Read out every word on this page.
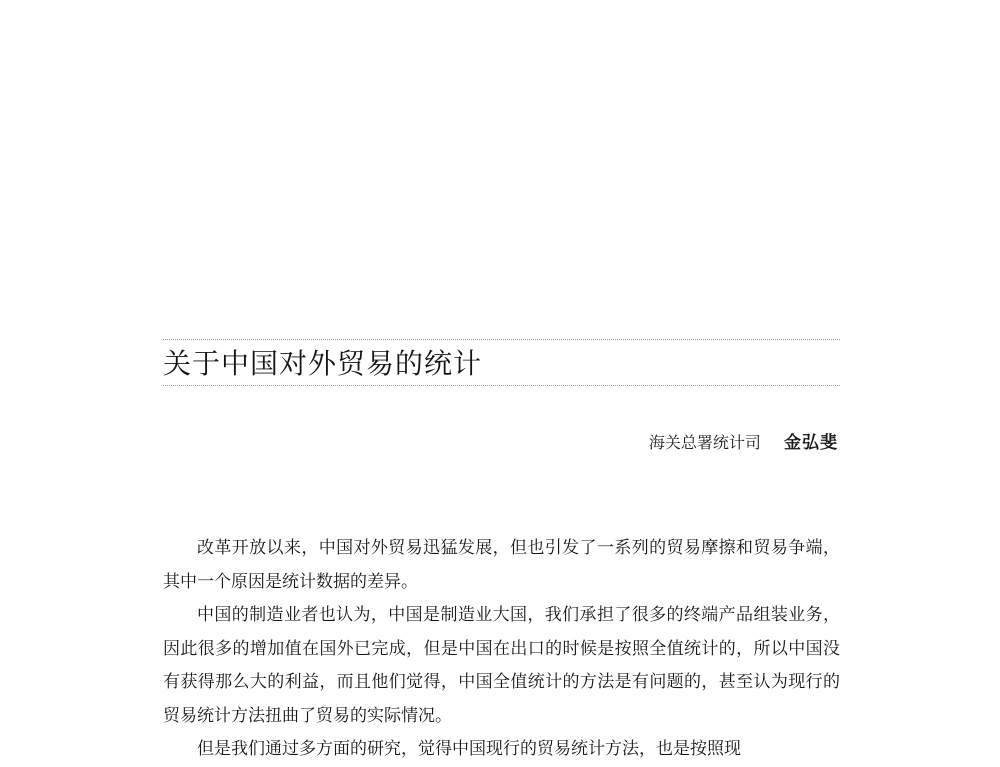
关于中国对外贸易的统计
海关总署统计司 金弘斐

改革开放以来，中国对外贸易迅猛发展，但也引发了一系列的贸易摩擦和贸易争端，其中一个原因是统计数据的差异。

中国的制造业者也认为，中国是制造业大国，我们承担了很多的终端产品组装业务，因此很多的增加值在国外已完成，但是中国在出口的时候是按照全值统计的，所以中国没有获得那么大的利益，而且他们觉得，中国全值统计的方法是有问题的，甚至认为现行的贸易统计方法扭曲了贸易的实际情况。

但是我们通过多方面的研究，觉得中国现行的贸易统计方法，也是按照现
